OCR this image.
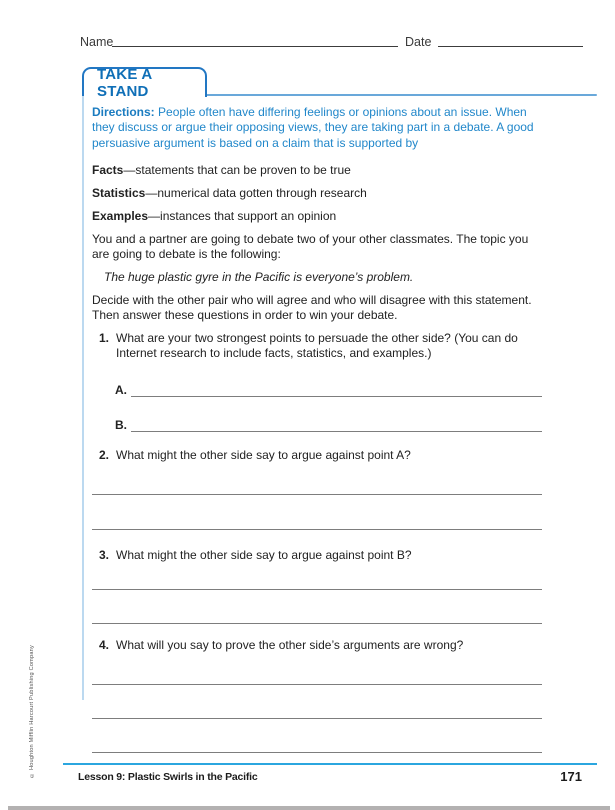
Name	Date
TAKE A STAND

Directions: People often have differing feelings or opinions about an issue. When they discuss or argue their opposing views, they are taking part in a debate. A good persuasive argument is based on a claim that is supported by

Facts—statements that can be proven to be true

Statistics—numerical data gotten through research

Examples—instances that support an opinion

You and a partner are going to debate two of your other classmates. The topic you are going to debate is the following:

The huge plastic gyre in the Pacific is everyone’s problem.

Decide with the other pair who will agree and who will disagree with this statement. Then answer these questions in order to win your debate.

1. What are your two strongest points to persuade the other side? (You can do Internet research to include facts, statistics, and examples.)
A.
B.
2. What might the other side say to argue against point A?
3. What might the other side say to argue against point B?
4. What will you say to prove the other side’s arguments are wrong?
Lesson 9: Plastic Swirls in the Pacific	171
© Houghton Mifflin Harcourt Publishing Company
